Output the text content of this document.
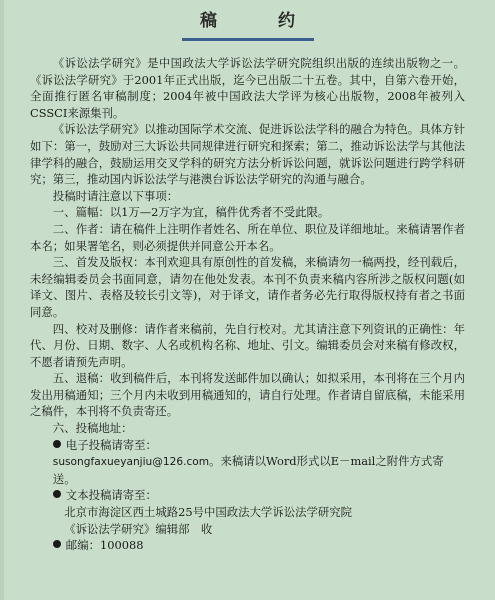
稿　约

《诉讼法学研究》是中国政法大学诉讼法学研究院组织出版的连续出版物之一。《诉讼法学研究》于2001年正式出版，迄今已出版二十五卷。其中，自第六卷开始，全面推行匿名审稿制度；2004年被中国政法大学评为核心出版物，2008年被列入CSSCI来源集刊。

《诉讼法学研究》以推动国际学术交流、促进诉讼法学科的融合为特色。具体方针如下：第一，鼓励对三大诉讼共同规律进行研究和探索；第二，推动诉讼法学与其他法律学科的融合，鼓励运用交叉学科的研究方法分析诉讼问题，就诉讼问题进行跨学科研究；第三，推动国内诉讼法学与港澳台诉讼法学研究的沟通与融合。

投稿时请注意以下事项：

一、篇幅：以1万—2万字为宜，稿件优秀者不受此限。

二、作者：请在稿件上注明作者姓名、所在单位、职位及详细地址。来稿请署作者本名；如果署笔名，则必须提供并同意公开本名。

三、首发及版权：本刊欢迎具有原创性的首发稿，来稿请勿一稿两投，经刊载后，未经编辑委员会书面同意，请勿在他处发表。本刊不负责来稿内容所涉之版权问题(如译文、图片、表格及较长引文等)，对于译文，请作者务必先行取得版权持有者之书面同意。

四、校对及删修：请作者来稿前，先自行校对。尤其请注意下列资讯的正确性：年代、月份、日期、数字、人名或机构名称、地址、引文。编辑委员会对来稿有修改权，不愿者请预先声明。

五、退稿：收到稿件后，本刊将发送邮件加以确认；如拟采用，本刊将在三个月内发出用稿通知；三个月内未收到用稿通知的，请自行处理。作者请自留底稿，未能采用之稿件，本刊将不负责寄还。

六、投稿地址：

电子投稿请寄至：

susongfaxueyanjiu@126.com。来稿请以Word形式以E－mail之附件方式寄送。

文本投稿请寄至：

北京市海淀区西土城路25号中国政法大学诉讼法学研究院

《诉讼法学研究》编辑部　收

邮编：100088
